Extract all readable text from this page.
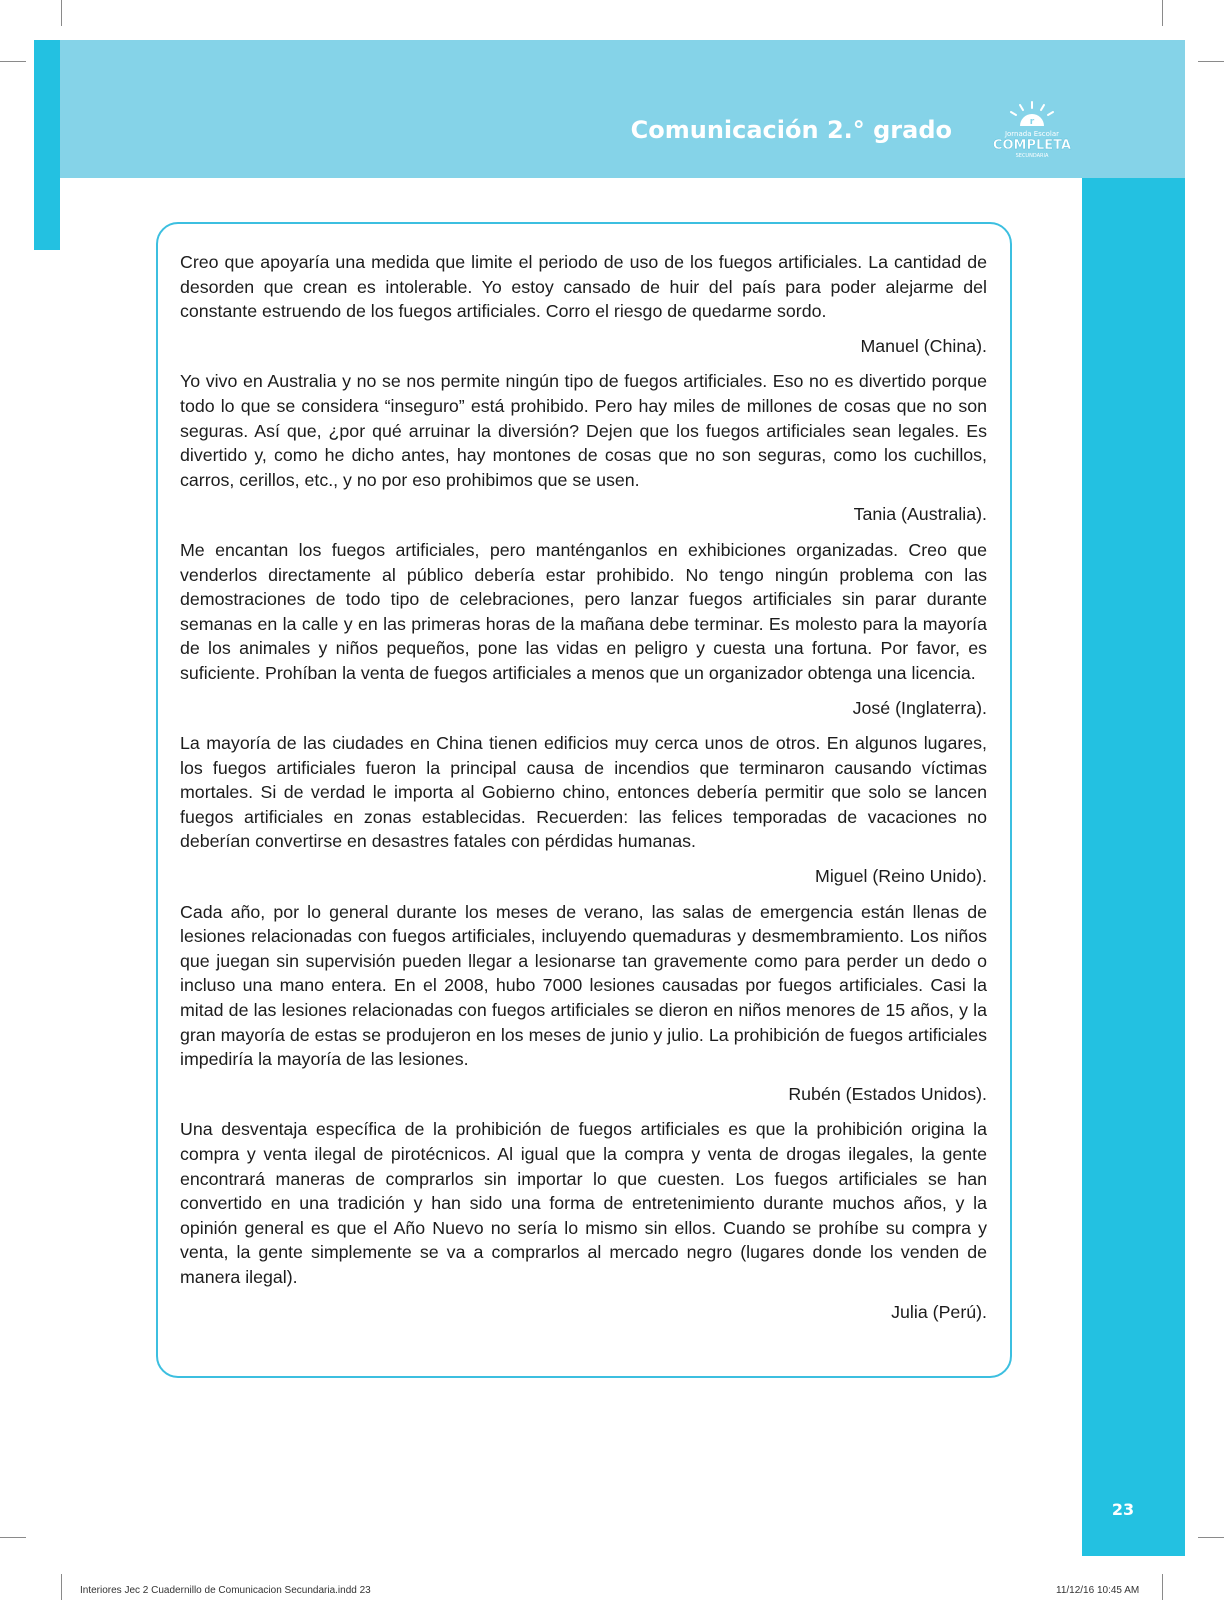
Comunicación 2.° grado	r
Jornada Escolar
COMPLETA
SECUNDARIA

Creo que apoyaría una medida que limite el periodo de uso de los fuegos artificiales. La cantidad de desorden que crean es intolerable. Yo estoy cansado de huir del país para poder alejarme del constante estruendo de los fuegos artificiales. Corro el riesgo de quedarme sordo.

Manuel (China).

Yo vivo en Australia y no se nos permite ningún tipo de fuegos artificiales. Eso no es divertido porque todo lo que se considera “inseguro” está prohibido. Pero hay miles de millones de cosas que no son seguras. Así que, ¿por qué arruinar la diversión? Dejen que los fuegos artificiales sean legales. Es divertido y, como he dicho antes, hay montones de cosas que no son seguras, como los cuchillos, carros, cerillos, etc., y no por eso prohibimos que se usen.

Tania (Australia).

Me encantan los fuegos artificiales, pero manténganlos en exhibiciones organizadas. Creo que venderlos directamente al público debería estar prohibido. No tengo ningún problema con las demostraciones de todo tipo de celebraciones, pero lanzar fuegos artificiales sin parar durante semanas en la calle y en las primeras horas de la mañana debe terminar. Es molesto para la mayoría de los animales y niños pequeños, pone las vidas en peligro y cuesta una fortuna. Por favor, es suficiente. Prohíban la venta de fuegos artificiales a menos que un organizador obtenga una licencia.

José (Inglaterra).

La mayoría de las ciudades en China tienen edificios muy cerca unos de otros. En algunos lugares, los fuegos artificiales fueron la principal causa de incendios que terminaron causando víctimas mortales. Si de verdad le importa al Gobierno chino, entonces debería permitir que solo se lancen fuegos artificiales en zonas establecidas. Recuerden: las felices temporadas de vacaciones no deberían convertirse en desastres fatales con pérdidas humanas.

Miguel (Reino Unido).

Cada año, por lo general durante los meses de verano, las salas de emergencia están llenas de lesiones relacionadas con fuegos artificiales, incluyendo quemaduras y desmembramiento. Los niños que juegan sin supervisión pueden llegar a lesionarse tan gravemente como para perder un dedo o incluso una mano entera. En el 2008, hubo 7000 lesiones causadas por fuegos artificiales. Casi la mitad de las lesiones relacionadas con fuegos artificiales se dieron en niños menores de 15 años, y la gran mayoría de estas se produjeron en los meses de junio y julio. La prohibición de fuegos artificiales impediría la mayoría de las lesiones.

Rubén (Estados Unidos).

Una desventaja específica de la prohibición de fuegos artificiales es que la prohibición origina la compra y venta ilegal de pirotécnicos. Al igual que la compra y venta de drogas ilegales, la gente encontrará maneras de comprarlos sin importar lo que cuesten. Los fuegos artificiales se han convertido en una tradición y han sido una forma de entretenimiento durante muchos años, y la opinión general es que el Año Nuevo no sería lo mismo sin ellos. Cuando se prohíbe su compra y venta, la gente simplemente se va a comprarlos al mercado negro (lugares donde los venden de manera ilegal).

Julia (Perú).

23
Interiores Jec 2 Cuadernillo de Comunicacion Secundaria.indd 23	11/12/16 10:45 AM
